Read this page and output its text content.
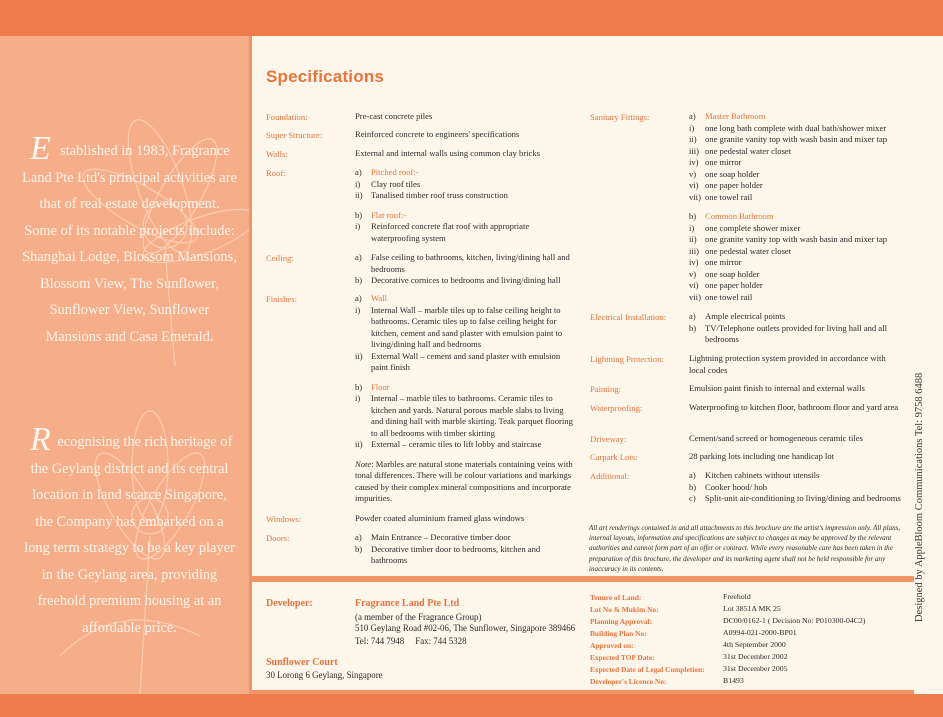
Established in 1983, Fragrance Land Pte Ltd's principal activities are that of real estate development. Some of its notable projects include: Shanghai Lodge, Blossom Mansions, Blossom View, The Sunflower, Sunflower View, Sunflower Mansions and Casa Emerald.
Recognising the rich heritage of the Geylang district and its central location in land scarce Singapore, the Company has embarked on a long term strategy to be a key player in the Geylang area, providing freehold premium housing at an affordable price.
Designed by AppleBloom Communications Tel: 9758 6488
Specifications
Foundation:	Pre-cast concrete piles
Super Structure:	Reinforced concrete to engineers' specifications
Walls:	External and internal walls using common clay bricks
Roof:	a)	Pitched roof:-
i)	Clay roof tiles
ii) Tanalised timber roof truss construction
b)	Flat roof:-
i)	Reinforced concrete flat roof with appropriate waterproofing system
Ceiling:	a)	False ceiling to bathrooms, kitchen, living/dining hall and bedrooms
b)	Decorative cornices to bedrooms and living/dining hall
Finishes:	a)	Wall
i)	Internal Wall – marble tiles up to false ceiling height to bathrooms. Ceramic tiles up to false ceiling height for kitchen, cement and sand plaster with emulsion paint to living/dining hall and bedrooms
ii) External Wall – cement and sand plaster with emulsion paint finish
b)	Floor
i)	Internal – marble tiles to bathrooms. Ceramic tiles to kitchen and yards. Natural porous marble slabs to living and dining hall with marble skirting. Teak parquet flooring to all bedrooms with timber skirting
ii) External – ceramic tiles to lift lobby and staircase
Note: Marbles are natural stone materials containing veins with tonal differences. There will be colour variations and markings caused by their complex mineral compositions and incorporate impurities.
Windows:	Powder coated aluminium framed glass windows
Doors:	a)	Main Entrance – Decorative timber door
b)	Decorative timber door to bedrooms, kitchen and bathrooms
Sanitary Fittings:	a)	Master Bathroom
i)	one long bath complete with dual bath/shower mixer
ii) one granite vanity top with wash basin and mixer tap
iii) one pedestal water closet
iv) one mirror
v)	one soap holder
vi) one paper holder
vii) one towel rail
b)	Common Bathroom
i)	one complete shower mixer
ii) one granite vanity top with wash basin and mixer tap
iii) one pedestal water closet
iv) one mirror
v)	one soap holder
vi) one paper holder
vii) one towel rail
Electrical Installation:	a)	Ample electrical points
b)	TV/Telephone outlets provided for living hall and all bedrooms
Lightning Protection:	Lightning protection system provided in accordance with local codes
Painting:	Emulsion paint finish to internal and external walls
Waterproofing:	Waterproofing to kitchen floor, bathroom floor and yard area
Driveway:	Cement/sand screed or homogeneous ceramic tiles
Carpark Lots:	28 parking lots including one handicap lot
Additional:	a)	Kitchen cabinets without utensils
b)	Cooker hood/ hob
c)	Split-unit air-conditioning to living/dining and bedrooms
All art renderings contained in and all attachments to this brochure are the artist's impression only. All plans, internal layouts, information and specifications are subject to changes as may be approved by the relevant authorities and cannot form part of an offer or contract. While every reasonable care has been taken in the preparation of this brochure, the developer and its marketing agent shall not be held responsible for any inaccuracy in its contents.
Developer:	Fragrance Land Pte Ltd
(a member of the Fragrance Group)
510 Geylang Road #02-06, The Sunflower, Singapore 389466
Tel: 744 7948     Fax: 744 5328
Sunflower Court
30 Lorong 6 Geylang, Singapore
Tenure of Land:	Freehold
Lot No & Mukim No:	Lot 3851A MK 25
Planning Approval:	DC00/0162-1 ( Decision No: P010300-04C2)
Building Plan No:	A0994-021-2000-BP01
Approved on:	4th September 2000
Expected TOP Date:	31st December 2002
Expected Date of Legal Completion: 31st December 2005
Developer's Licence No:	B1493
